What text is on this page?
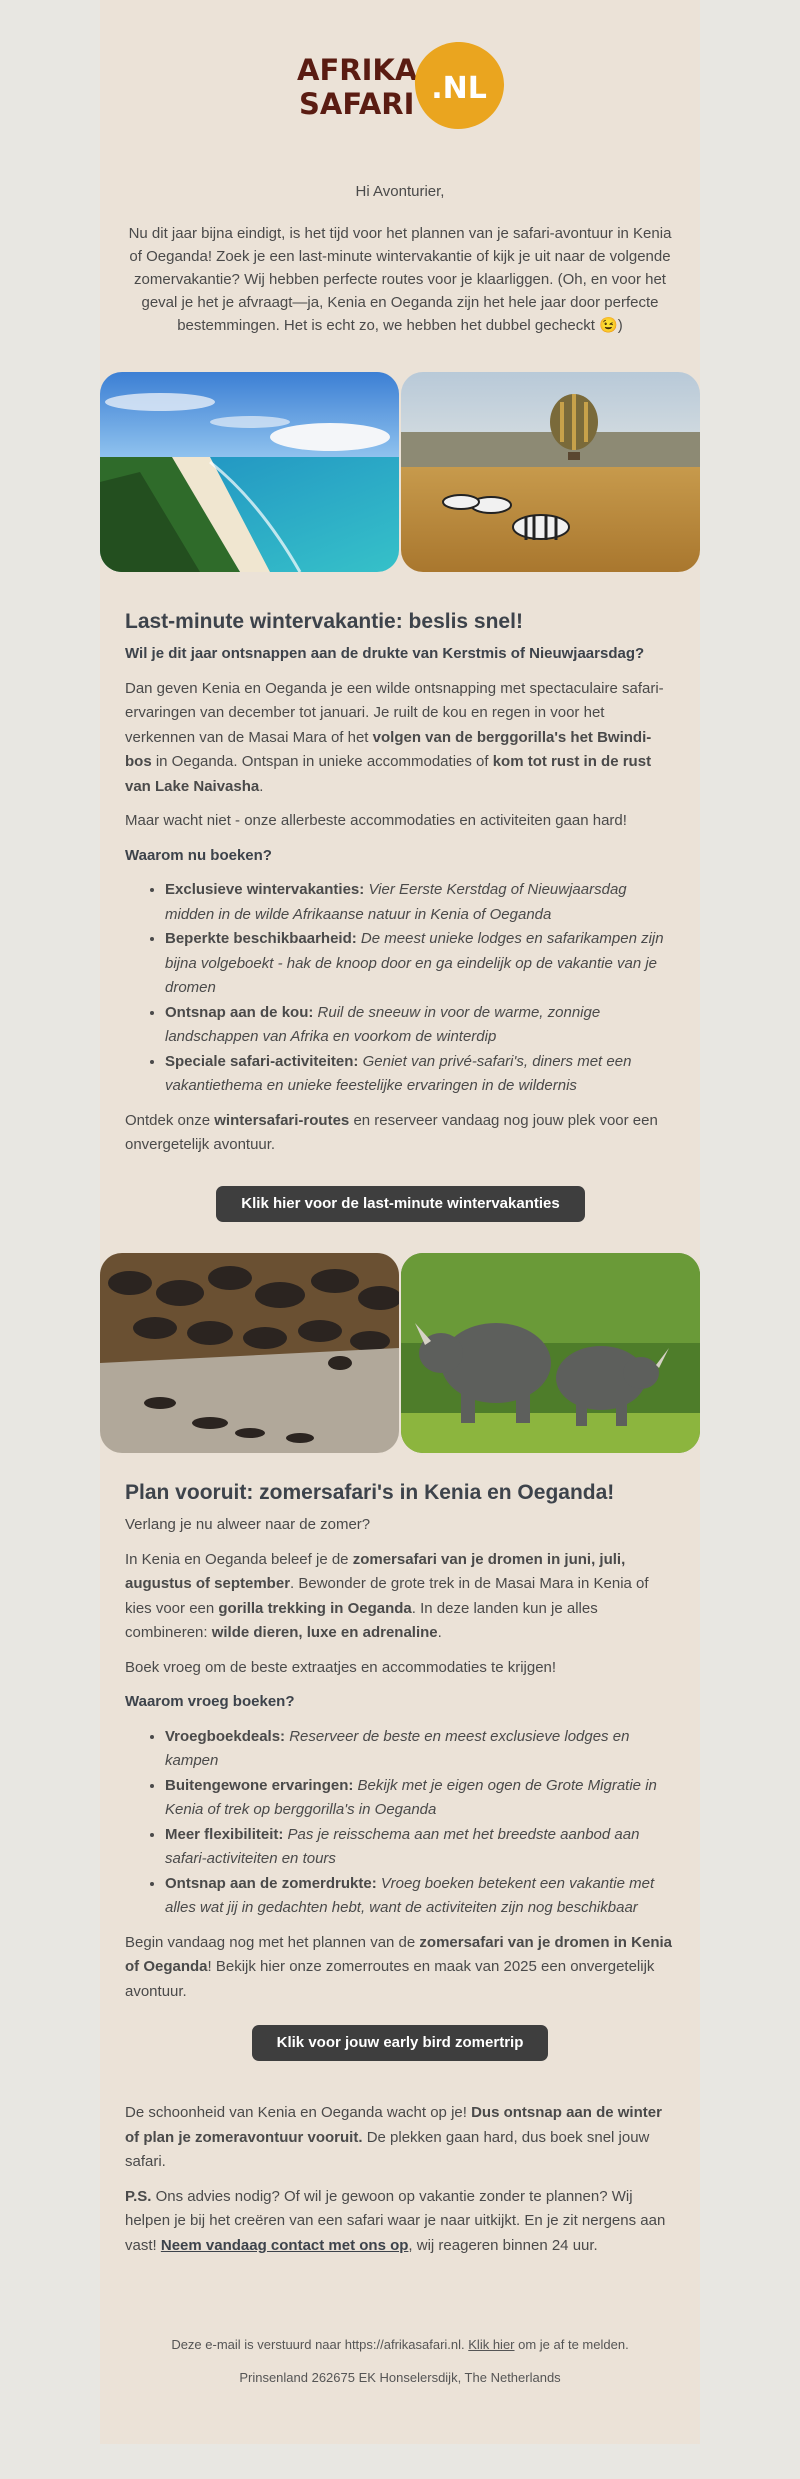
AFRIKA
SAFARI .NL

Hi Avonturier,

Nu dit jaar bijna eindigt, is het tijd voor het plannen van je safari-avontuur in Kenia of Oeganda! Zoek je een last-minute wintervakantie of kijk je uit naar de volgende zomervakantie? Wij hebben perfecte routes voor je klaarliggen. (Oh, en voor het geval je het je afvraagt—ja, Kenia en Oeganda zijn het hele jaar door perfecte bestemmingen. Het is echt zo, we hebben het dubbel gecheckt 😉)

Last-minute wintervakantie: beslis snel!

Wil je dit jaar ontsnappen aan de drukte van Kerstmis of Nieuwjaarsdag?

Dan geven Kenia en Oeganda je een wilde ontsnapping met spectaculaire safari-ervaringen van december tot januari. Je ruilt de kou en regen in voor het verkennen van de Masai Mara of het volgen van de berggorilla's het Bwindi-bos in Oeganda. Ontspan in unieke accommodaties of kom tot rust in de rust van Lake Naivasha.

Maar wacht niet - onze allerbeste accommodaties en activiteiten gaan hard!

Waarom nu boeken?

• Exclusieve wintervakanties: Vier Eerste Kerstdag of Nieuwjaarsdag midden in de wilde Afrikaanse natuur in Kenia of Oeganda
• Beperkte beschikbaarheid: De meest unieke lodges en safarikampen zijn bijna volgeboekt - hak de knoop door en ga eindelijk op de vakantie van je dromen
• Ontsnap aan de kou: Ruil de sneeuw in voor de warme, zonnige landschappen van Afrika en voorkom de winterdip
• Speciale safari-activiteiten: Geniet van privé-safari's, diners met een vakantiethema en unieke feestelijke ervaringen in de wildernis

Ontdek onze wintersafari-routes en reserveer vandaag nog jouw plek voor een onvergetelijk avontuur.

Klik hier voor de last-minute wintervakanties
Plan vooruit: zomersafari's in Kenia en Oeganda!

Verlang je nu alweer naar de zomer?

In Kenia en Oeganda beleef je de zomersafari van je dromen in juni, juli, augustus of september. Bewonder de grote trek in de Masai Mara in Kenia of kies voor een gorilla trekking in Oeganda. In deze landen kun je alles combineren: wilde dieren, luxe en adrenaline.

Boek vroeg om de beste extraatjes en accommodaties te krijgen!

Waarom vroeg boeken?

• Vroegboekdeals: Reserveer de beste en meest exclusieve lodges en kampen
• Buitengewone ervaringen: Bekijk met je eigen ogen de Grote Migratie in Kenia of trek op berggorilla's in Oeganda
• Meer flexibiliteit: Pas je reisschema aan met het breedste aanbod aan safari-activiteiten en tours
• Ontsnap aan de zomerdrukte: Vroeg boeken betekent een vakantie met alles wat jij in gedachten hebt, want de activiteiten zijn nog beschikbaar

Begin vandaag nog met het plannen van de zomersafari van je dromen in Kenia of Oeganda! Bekijk hier onze zomerroutes en maak van 2025 een onvergetelijk avontuur.

Klik voor jouw early bird zomertrip

De schoonheid van Kenia en Oeganda wacht op je! Dus ontsnap aan de winter of plan je zomeravontuur vooruit. De plekken gaan hard, dus boek snel jouw safari.

P.S. Ons advies nodig? Of wil je gewoon op vakantie zonder te plannen? Wij helpen je bij het creëren van een safari waar je naar uitkijkt. En je zit nergens aan vast! Neem vandaag contact met ons op, wij reageren binnen 24 uur.

Deze e-mail is verstuurd naar https://afrikasafari.nl. Klik hier om je af te melden.

Prinsenland 262675 EK Honselersdijk, The Netherlands
